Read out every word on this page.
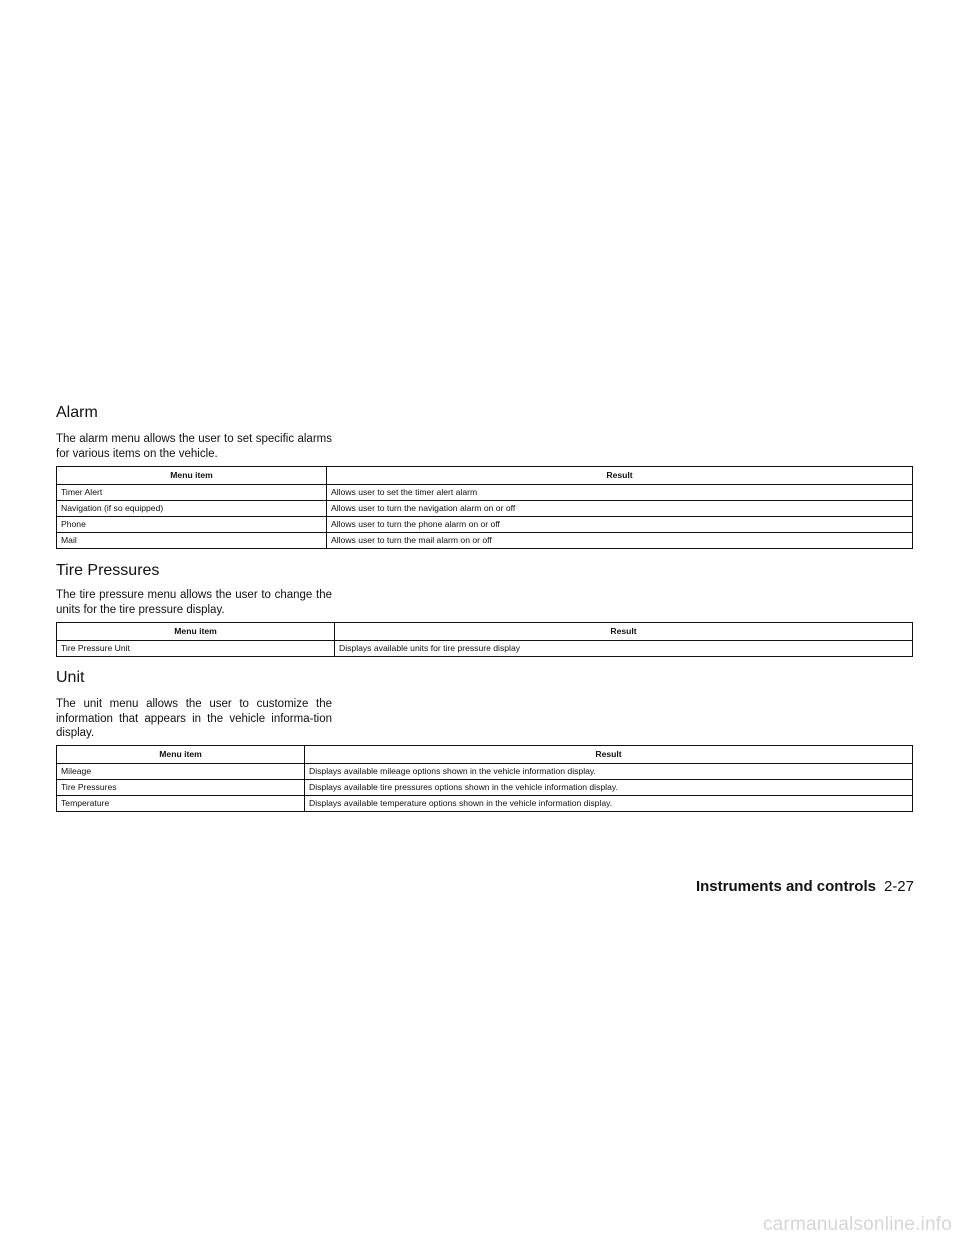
Alarm

The alarm menu allows the user to set specific alarms for various items on the vehicle.

Menu item	Result
Timer Alert	Allows user to set the timer alert alarm
Navigation (if so equipped)	Allows user to turn the navigation alarm on or off
Phone	Allows user to turn the phone alarm on or off
Mail	Allows user to turn the mail alarm on or off
Tire Pressures

The tire pressure menu allows the user to change the units for the tire pressure display.

Menu item	Result
Tire Pressure Unit	Displays available units for tire pressure display
Unit

The unit menu allows the user to customize the information that appears in the vehicle informa-tion display.

Menu item	Result
Mileage	Displays available mileage options shown in the vehicle information display.
Tire Pressures	Displays available tire pressures options shown in the vehicle information display.
Temperature	Displays available temperature options shown in the vehicle information display.
Instruments and controls 2-27
carmanualsonline.info
